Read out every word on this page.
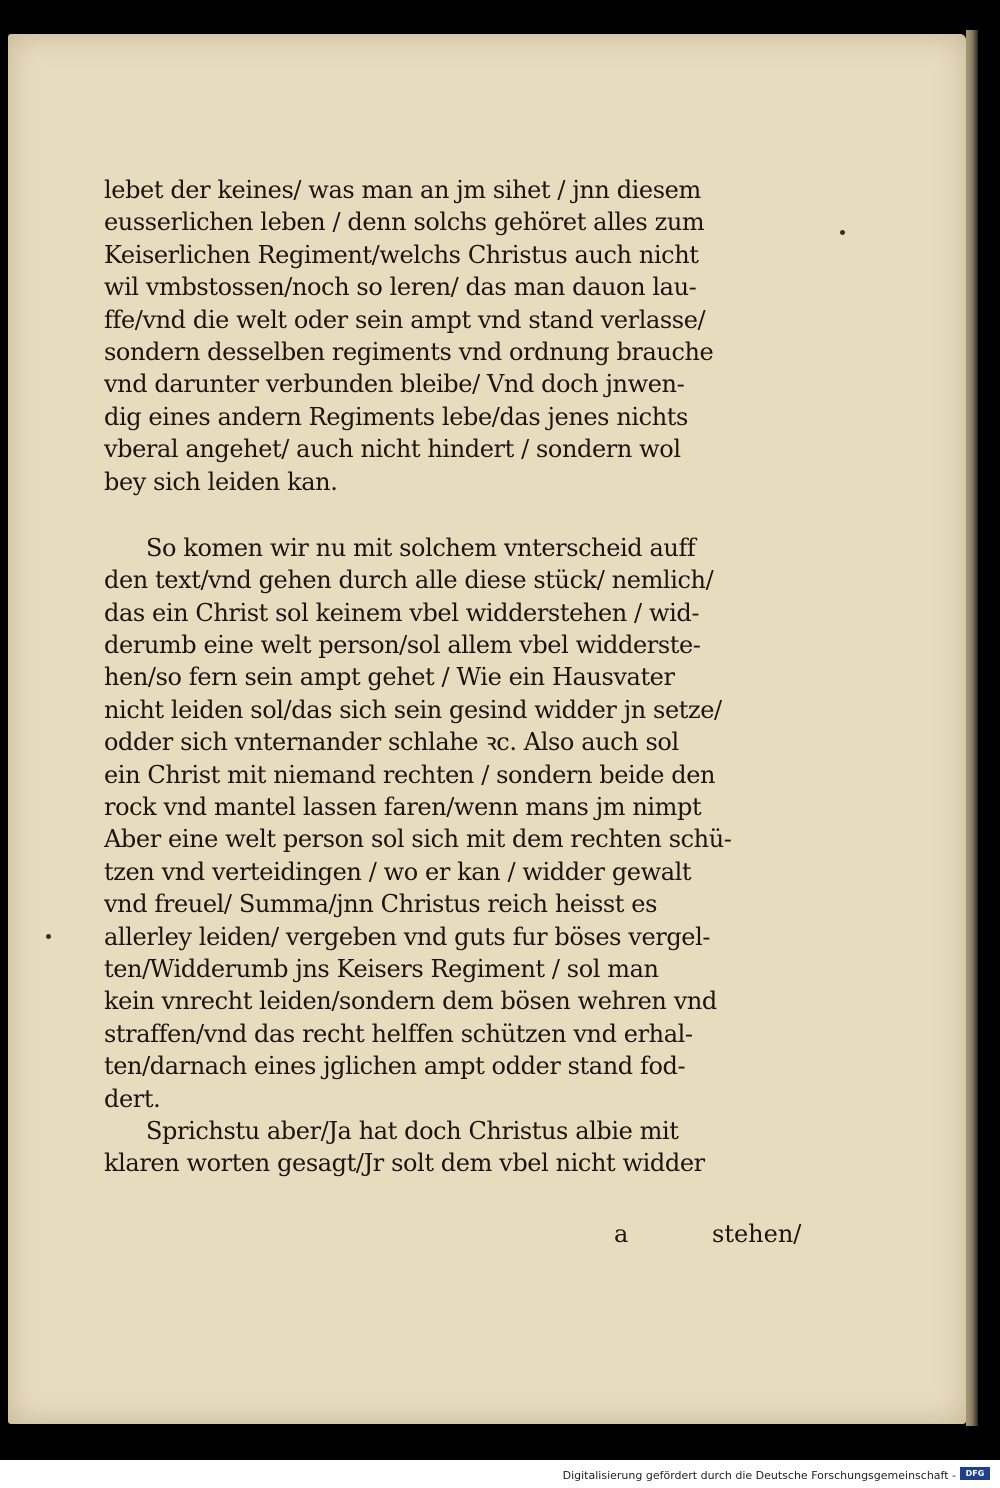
lebet der keines/ was man an jm sihet / jnn diesem
eusserlichen leben / denn solchs gehöret alles zum
Keiserlichen Regiment/welchs Christus auch nicht
wil vmbstossen/noch so leren/ das man dauon lau-
ffe/vnd die welt oder sein ampt vnd stand verlasse/
sondern desselben regiments vnd ordnung brauche
vnd darunter verbunden bleibe/ Vnd doch jnwen-
dig eines andern Regiments lebe/das jenes nichts
vberal angehet/ auch nicht hindert / sondern wol
bey sich leiden kan.
So komen wir nu mit solchem vnterscheid auff
den text/vnd gehen durch alle diese stück/ nemlich/
das ein Christ sol keinem vbel widderstehen / wid-
derumb eine welt person/sol allem vbel widderste-
hen/so fern sein ampt gehet / Wie ein Hausvater
nicht leiden sol/das sich sein gesind widder jn setze/
odder sich vnternander schlahe ꝛc. Also auch sol
ein Christ mit niemand rechten / sondern beide den
rock vnd mantel lassen faren/wenn mans jm nimpt
Aber eine welt person sol sich mit dem rechten schü-
tzen vnd verteidingen / wo er kan / widder gewalt
vnd freuel/ Summa/jnn Christus reich heisst es
allerley leiden/ vergeben vnd guts fur böses vergel-
ten/Widderumb jns Keisers Regiment / sol man
kein vnrecht leiden/sondern dem bösen wehren vnd
straffen/vnd das recht helffen schützen vnd erhal-
ten/darnach eines jglichen ampt odder stand fod-
dert.
Sprichstu aber/Ja hat doch Christus albie mit
klaren worten gesagt/Jr solt dem vbel nicht widder
a	stehen/
Digitalisierung gefördert durch die Deutsche Forschungsgemeinschaft -	DFG
